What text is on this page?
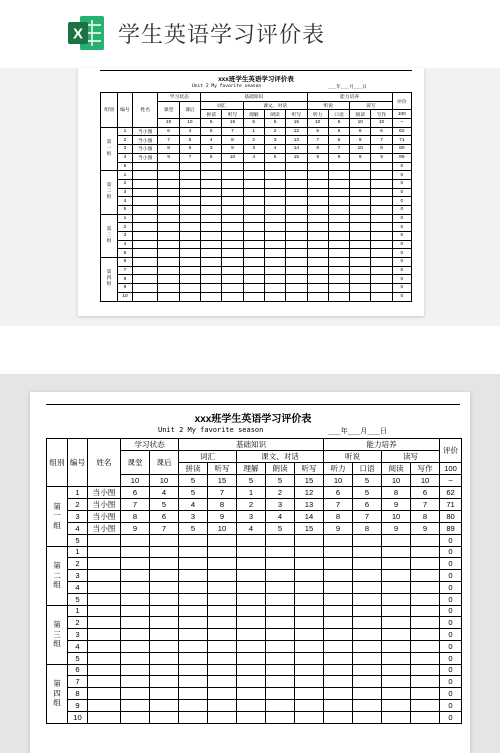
X 学生英语学习评价表
xxx班学生英语学习评价表
Unit 2 My favorite season	___年___月___日
组别	编号	姓名	学习状态		基础知识					能力培养				评价
			课堂	课后	词汇		课文、对话			听说		读写		
					拼读	听写	理解	朗读	听写	听力	口语	阅读	写作	100
			10	10	5	15	5	5	15	10	5	10	10	~
第
一
组	1	当小图	6	4	5	7	1	2	12	6	5	8	6	62
	2	当小图	7	5	4	8	2	3	13	7	6	9	7	71
	3	当小图	8	6	3	9	3	4	14	8	7	10	8	80
	4	当小图	9	7	5	10	4	5	15	9	8	9	9	89
	5													0
第
二
组	1													0
	2													0
	3													0
	4													0
	5													0
第
三
组	1													0
	2													0
	3													0
	4													0
	5													0
第
四
组	6													0
	7													0
	8													0
	9													0
	10													0
xxx班学生英语学习评价表
Unit 2 My favorite season	___年___月___日
组别	编号	姓名	学习状态		基础知识					能力培养				评价
			课堂	课后	词汇		课文、对话			听说		读写		
					拼读	听写	理解	朗读	听写	听力	口语	阅读	写作	100
			10	10	5	15	5	5	15	10	5	10	10	~
第
一
组	1	当小图	6	4	5	7	1	2	12	6	5	8	6	62
	2	当小图	7	5	4	8	2	3	13	7	6	9	7	71
	3	当小图	8	6	3	9	3	4	14	8	7	10	8	80
	4	当小图	9	7	5	10	4	5	15	9	8	9	9	89
	5													0
第
二
组	1													0
	2													0
	3													0
	4													0
	5													0
第
三
组	1													0
	2													0
	3													0
	4													0
	5													0
第
四
组	6													0
	7													0
	8													0
	9													0
	10													0
